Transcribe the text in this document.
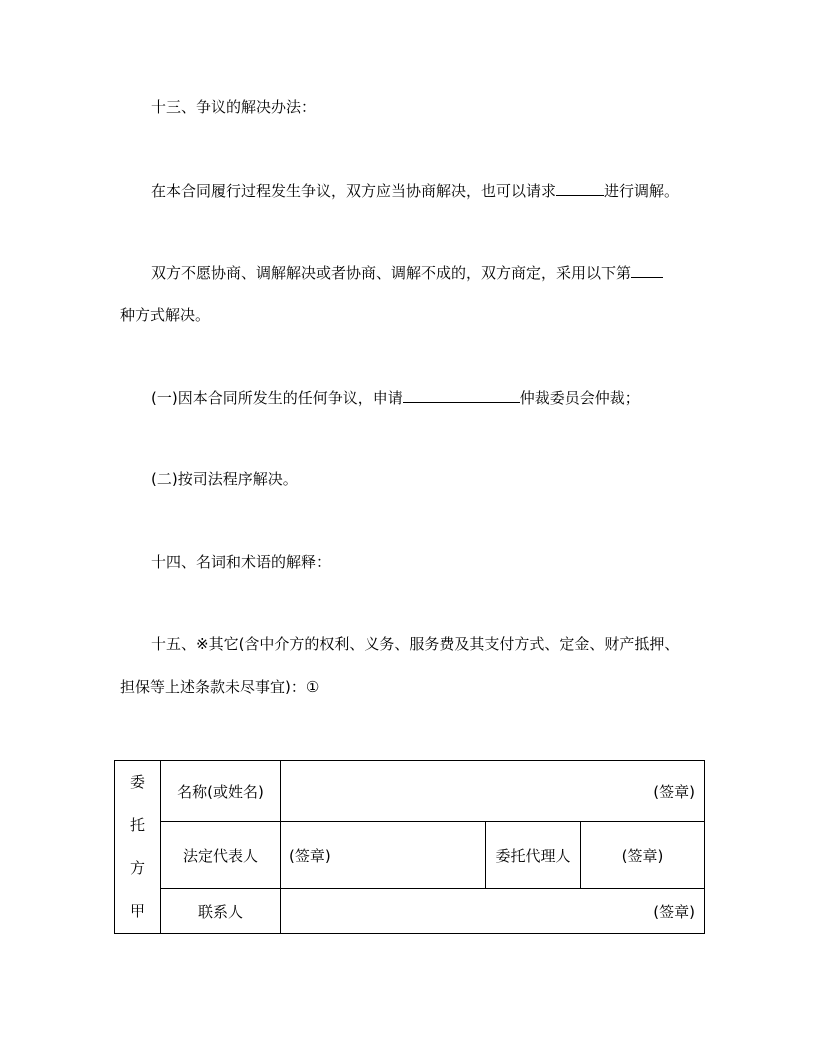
十三、争议的解决办法：
在本合同履行过程发生争议，双方应当协商解决，也可以请求	进行调解。
双方不愿协商、调解解决或者协商、调解不成的，双方商定，采用以下第
种方式解决。
(一)因本合同所发生的任何争议，申请	仲裁委员会仲裁；
(二)按司法程序解决。
十四、名词和术语的解释：
十五、※其它(含中介方的权利、义务、服务费及其支付方式、定金、财产抵押、
担保等上述条款未尽事宜)：①
委
托
方
甲	名称(或姓名)	(签章)		
	法定代表人	(签章)	委托代理人	(签章)
	联系人	(签章)		
